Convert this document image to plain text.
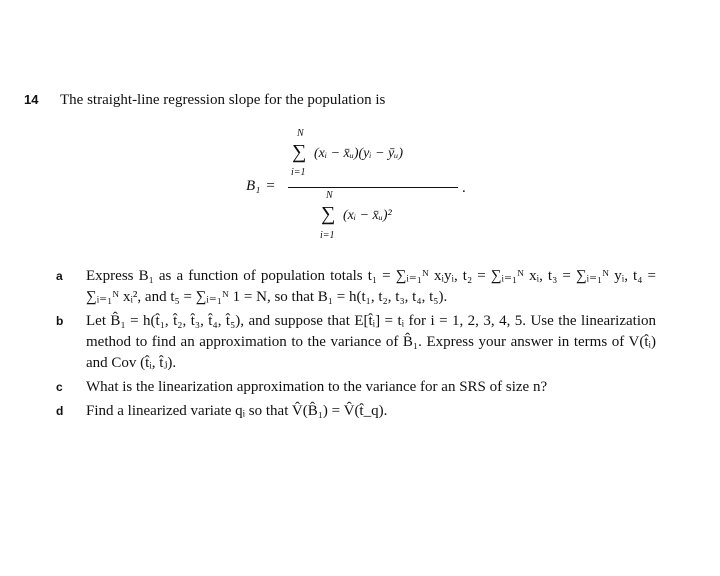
14 The straight-line regression slope for the population is
B₁ =
N
∑
i=1
(xᵢ − x̄ᵤ)(yᵢ − ȳᵤ)
.
N
∑
i=1
(xᵢ − x̄ᵤ)²
a Express B₁ as a function of population totals t₁ = ∑ᵢ₌₁ᴺ xᵢyᵢ, t₂ = ∑ᵢ₌₁ᴺ xᵢ, t₃ = ∑ᵢ₌₁ᴺ yᵢ, t₄ = ∑ᵢ₌₁ᴺ xᵢ², and t₅ = ∑ᵢ₌₁ᴺ 1 = N, so that B₁ = h(t₁, t₂, t₃, t₄, t₅).
b Let B̂₁ = h(t̂₁, t̂₂, t̂₃, t̂₄, t̂₅), and suppose that E[t̂ᵢ] = tᵢ for i = 1, 2, 3, 4, 5. Use the linearization method to find an approximation to the variance of B̂₁. Express your answer in terms of V(t̂ᵢ) and Cov (t̂ᵢ, t̂ⱼ).
c What is the linearization approximation to the variance for an SRS of size n?
d Find a linearized variate qᵢ so that V̂(B̂₁) = V̂(t̂_q).
